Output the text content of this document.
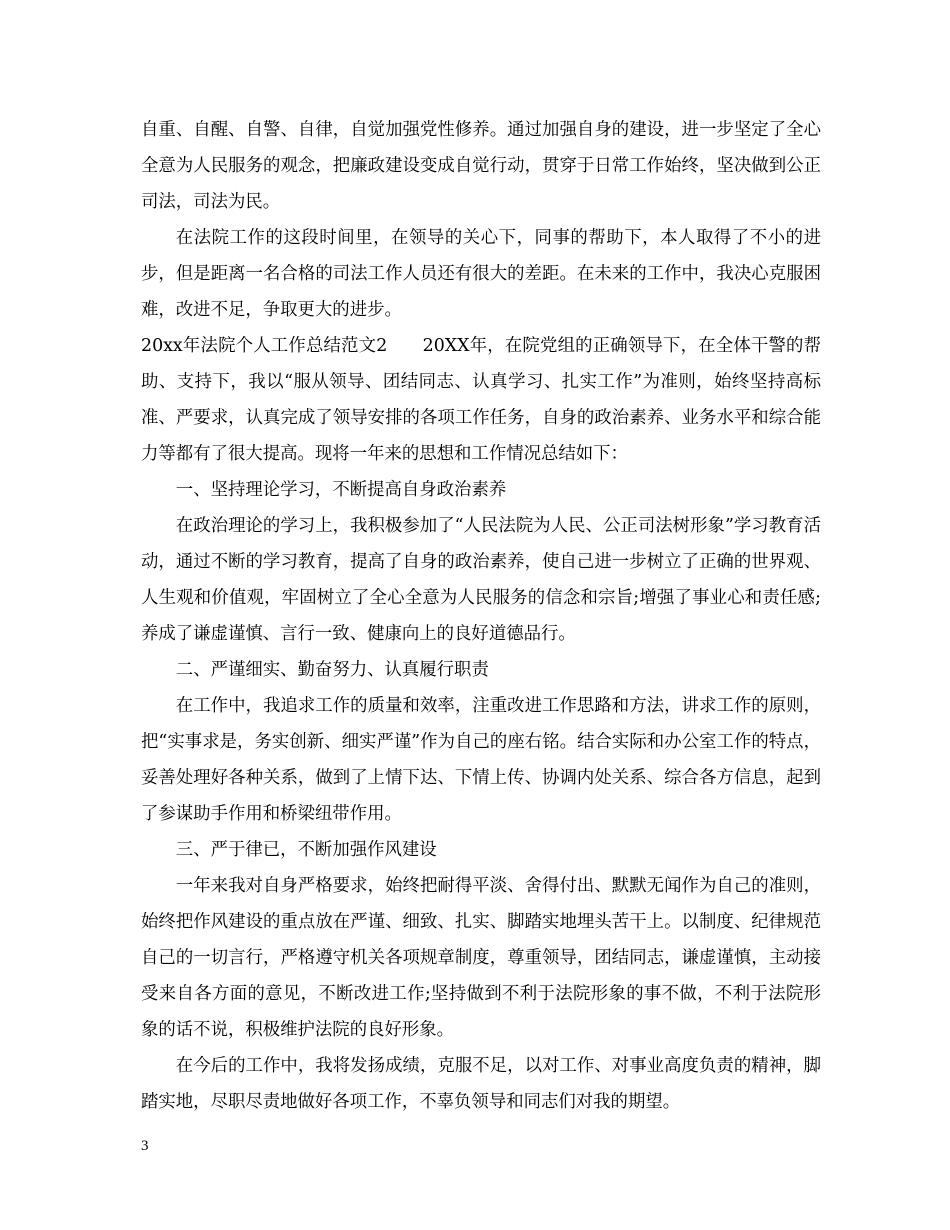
自重、自醒、自警、自律，自觉加强党性修养。通过加强自身的建设，进一步坚定了全心全意为人民服务的观念，把廉政建设变成自觉行动，贯穿于日常工作始终，坚决做到公正司法，司法为民。

在法院工作的这段时间里，在领导的关心下，同事的帮助下，本人取得了不小的进步，但是距离一名合格的司法工作人员还有很大的差距。在未来的工作中，我决心克服困难，改进不足，争取更大的进步。

20xx年法院个人工作总结范文2　　20XX年，在院党组的正确领导下，在全体干警的帮助、支持下，我以“服从领导、团结同志、认真学习、扎实工作”为准则，始终坚持高标准、严要求，认真完成了领导安排的各项工作任务，自身的政治素养、业务水平和综合能力等都有了很大提高。现将一年来的思想和工作情况总结如下：

一、坚持理论学习，不断提高自身政治素养

在政治理论的学习上，我积极参加了“人民法院为人民、公正司法树形象”学习教育活动，通过不断的学习教育，提高了自身的政治素养，使自己进一步树立了正确的世界观、人生观和价值观，牢固树立了全心全意为人民服务的信念和宗旨;增强了事业心和责任感;养成了谦虚谨慎、言行一致、健康向上的良好道德品行。

二、严谨细实、勤奋努力、认真履行职责

在工作中，我追求工作的质量和效率，注重改进工作思路和方法，讲求工作的原则，把“实事求是，务实创新、细实严谨”作为自己的座右铭。结合实际和办公室工作的特点，妥善处理好各种关系，做到了上情下达、下情上传、协调内处关系、综合各方信息，起到了参谋助手作用和桥梁纽带作用。

三、严于律已，不断加强作风建设

一年来我对自身严格要求，始终把耐得平淡、舍得付出、默默无闻作为自己的准则，始终把作风建设的重点放在严谨、细致、扎实、脚踏实地埋头苦干上。以制度、纪律规范自己的一切言行，严格遵守机关各项规章制度，尊重领导，团结同志，谦虚谨慎，主动接受来自各方面的意见，不断改进工作;坚持做到不利于法院形象的事不做，不利于法院形象的话不说，积极维护法院的良好形象。

在今后的工作中，我将发扬成绩，克服不足，以对工作、对事业高度负责的精神，脚踏实地，尽职尽责地做好各项工作，不辜负领导和同志们对我的期望。

3
